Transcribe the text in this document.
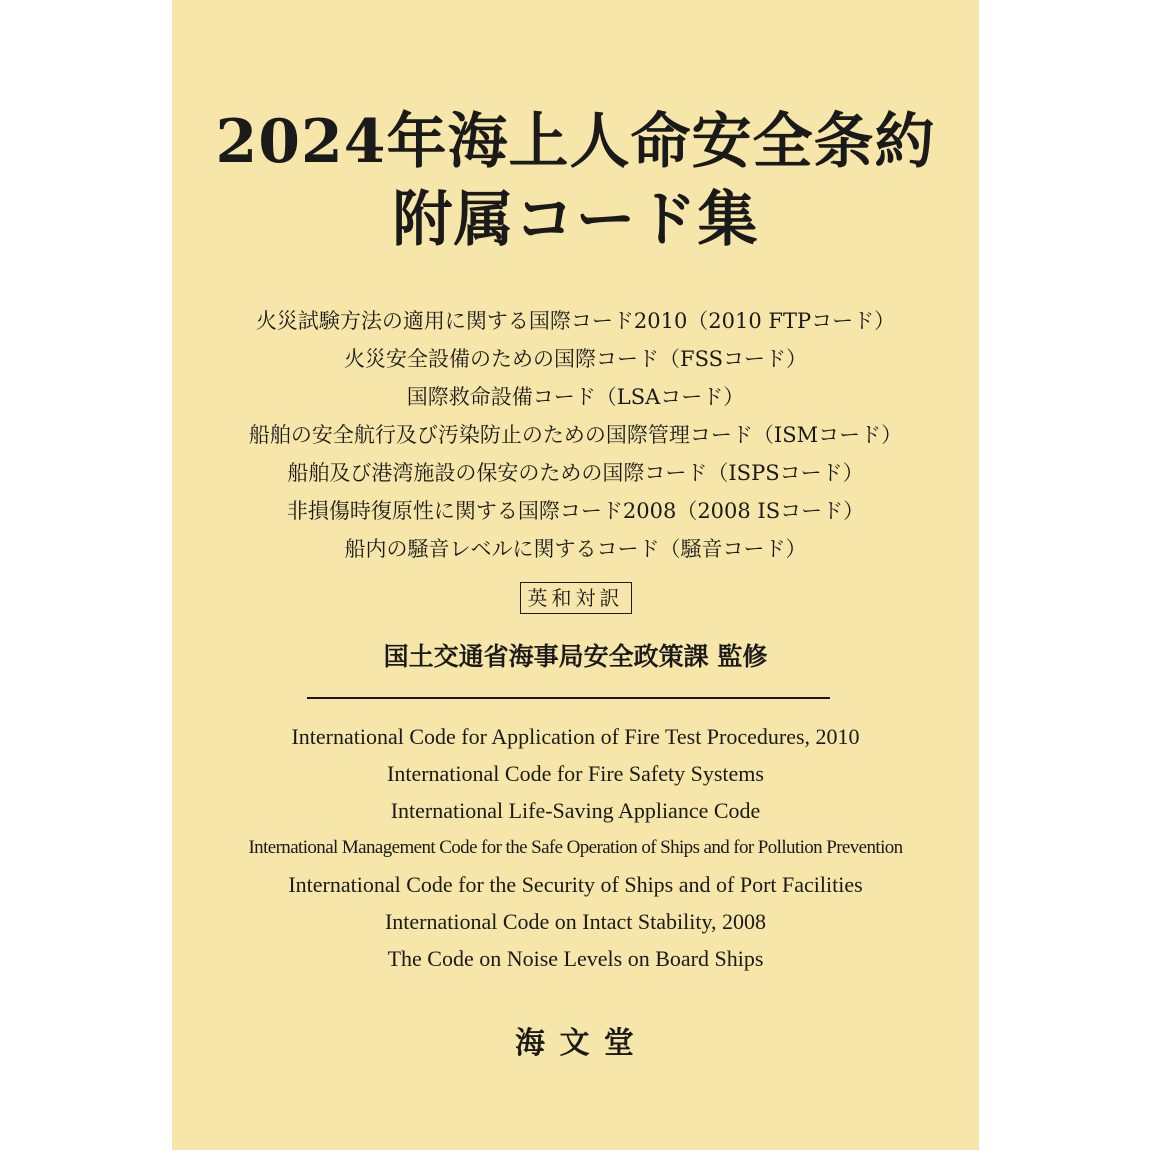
2024年海上人命安全条約
附属コード集
火災試験方法の適用に関する国際コード2010（2010 FTPコード）
火災安全設備のための国際コード（FSSコード）
国際救命設備コード（LSAコード）
船舶の安全航行及び汚染防止のための国際管理コード（ISMコード）
船舶及び港湾施設の保安のための国際コード（ISPSコード）
非損傷時復原性に関する国際コード2008（2008 ISコード）
船内の騒音レベルに関するコード（騒音コード）
英和対訳
国土交通省海事局安全政策課 監修
International Code for Application of Fire Test Procedures, 2010
International Code for Fire Safety Systems
International Life-Saving Appliance Code
International Management Code for the Safe Operation of Ships and for Pollution Prevention
International Code for the Security of Ships and of Port Facilities
International Code on Intact Stability, 2008
The Code on Noise Levels on Board Ships
海 文 堂
